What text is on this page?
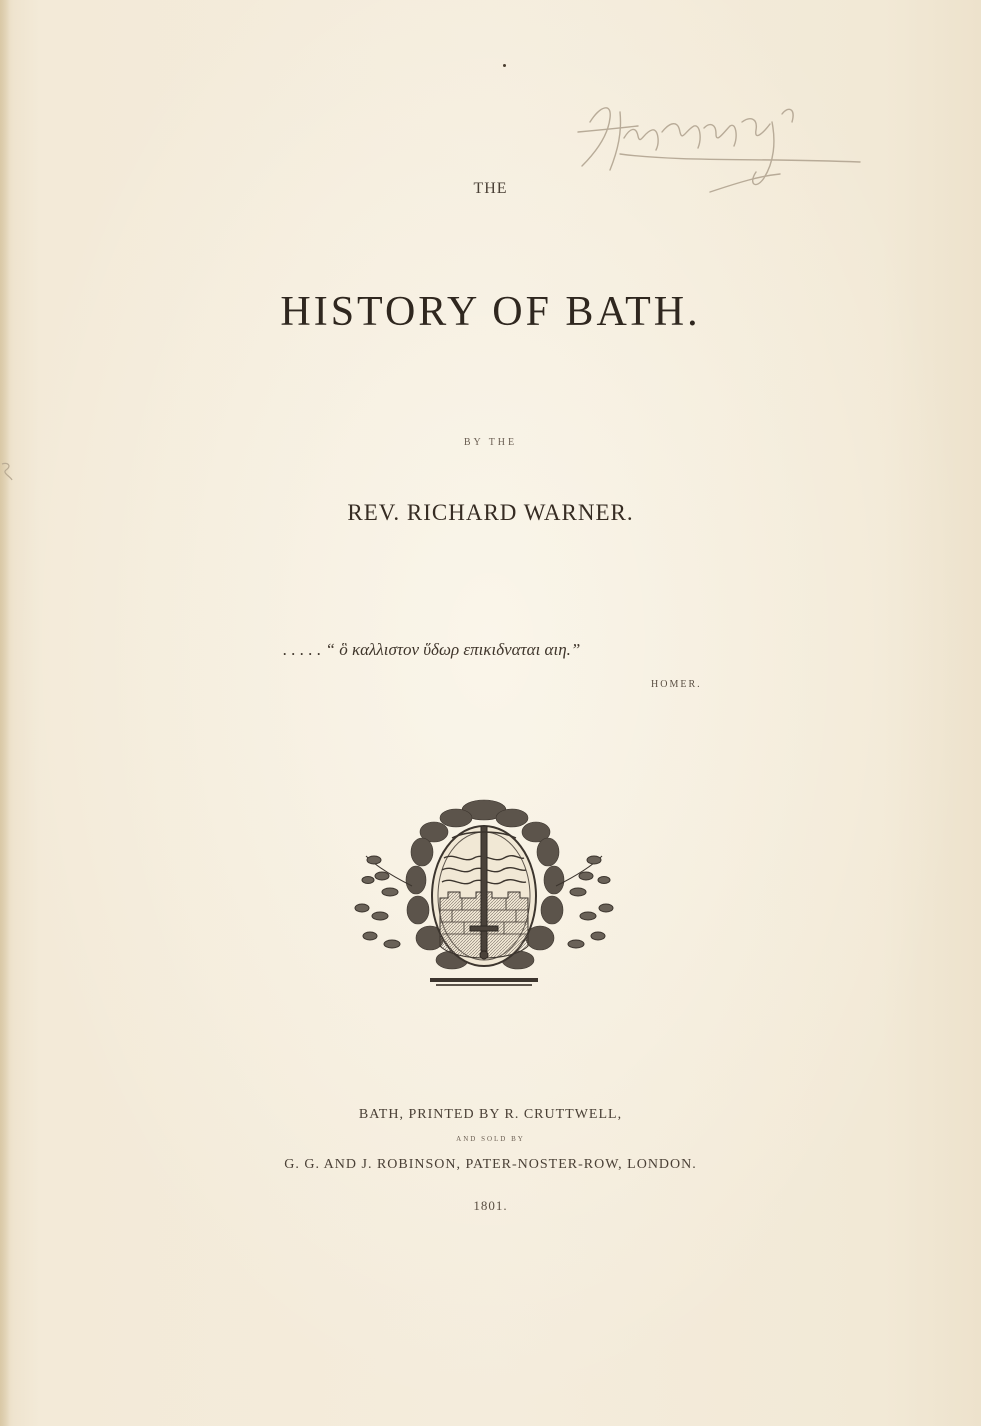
THE
HISTORY OF BATH.
BY THE
REV. RICHARD WARNER.
. . . . . “ ὃ καλλιστον ὕδωρ επικιδναται αιη.”
HOMER.
BATH, PRINTED BY R. CRUTTWELL,
AND SOLD BY
G. G. AND J. ROBINSON, PATER-NOSTER-ROW, LONDON.
1801.
